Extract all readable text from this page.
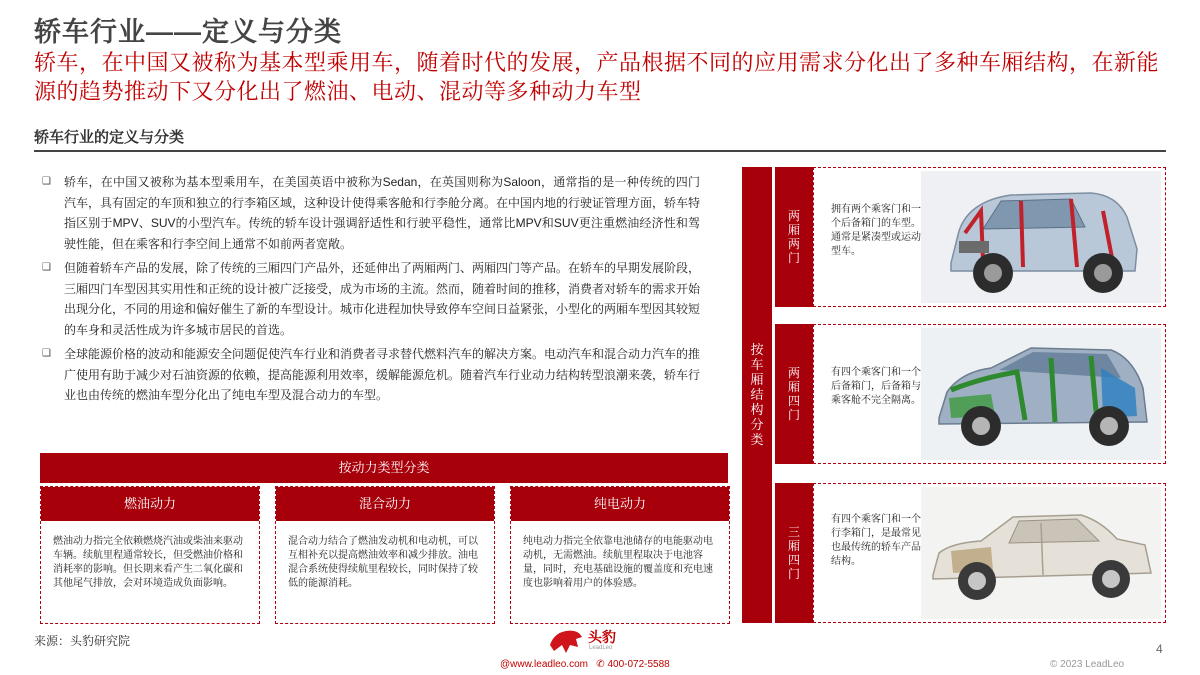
轿车行业——定义与分类
轿车，在中国又被称为基本型乘用车，随着时代的发展，产品根据不同的应用需求分化出了多种车厢结构，在新能源的趋势推动下又分化出了燃油、电动、混动等多种动力车型
轿车行业的定义与分类
❑ 轿车，在中国又被称为基本型乘用车，在美国英语中被称为Sedan，在英国则称为Saloon，通常指的是一种传统的四门汽车，具有固定的车顶和独立的行李箱区域，这种设计使得乘客舱和行李舱分离。在中国内地的行驶证管理方面，轿车特指区别于MPV、SUV的小型汽车。传统的轿车设计强调舒适性和行驶平稳性，通常比MPV和SUV更注重燃油经济性和驾驶性能，但在乘客和行李空间上通常不如前两者宽敞。
❑ 但随着轿车产品的发展，除了传统的三厢四门产品外，还延伸出了两厢两门、两厢四门等产品。在轿车的早期发展阶段，三厢四门车型因其实用性和正统的设计被广泛接受，成为市场的主流。然而，随着时间的推移，消费者对轿车的需求开始出现分化，不同的用途和偏好催生了新的车型设计。城市化进程加快导致停车空间日益紧张，小型化的两厢车型因其较短的车身和灵活性成为许多城市居民的首选。
❑ 全球能源价格的波动和能源安全问题促使汽车行业和消费者寻求替代燃料汽车的解决方案。电动汽车和混合动力汽车的推广使用有助于减少对石油资源的依赖，提高能源利用效率，缓解能源危机。随着汽车行业动力结构转型浪潮来袭，轿车行业也由传统的燃油车型分化出了纯电车型及混合动力的车型。
按动力类型分类
燃油动力
燃油动力指完全依赖燃烧汽油或柴油来驱动车辆。续航里程通常较长，但受燃油价格和消耗率的影响。但长期来看产生二氧化碳和其他尾气排放，会对环境造成负面影响。
混合动力
混合动力结合了燃油发动机和电动机，可以互相补充以提高燃油效率和减少排放。油电混合系统使得续航里程较长，同时保持了较低的能源消耗。
纯电动力
纯电动力指完全依靠电池储存的电能驱动电动机，无需燃油。续航里程取决于电池容量，同时，充电基础设施的覆盖度和充电速度也影响着用户的体验感。
按车厢结构分类
两厢两门
拥有两个乘客门和一个后备箱门的车型。通常是紧凑型或运动型车。
两厢四门
有四个乘客门和一个后备箱门，后备箱与乘客舱不完全隔离。
三厢四门
有四个乘客门和一个行李箱门，是最常见也最传统的轿车产品结构。
来源：头豹研究院	头豹
LeadLeo
@www.leadleo.com   ✆ 400-072-5588
4
© 2023 LeadLeo
